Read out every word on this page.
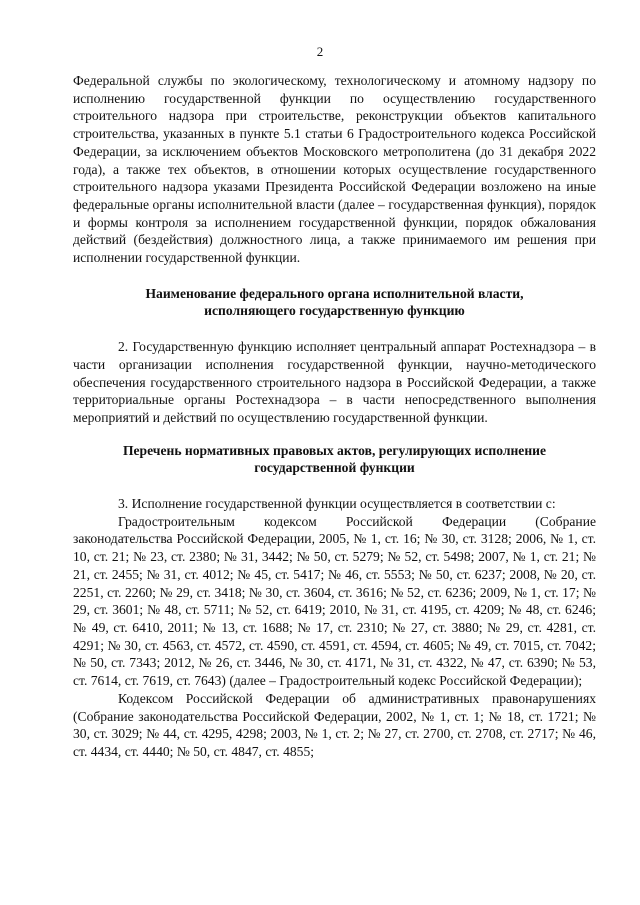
2

Федеральной службы по экологическому, технологическому и атомному надзору по исполнению государственной функции по осуществлению государственного строительного надзора при строительстве, реконструкции объектов капитального строительства, указанных в пункте 5.1 статьи 6 Градостроительного кодекса Российской Федерации, за исключением объектов Московского метрополитена (до 31 декабря 2022 года), а также тех объектов, в отношении которых осуществление государственного строительного надзора указами Президента Российской Федерации возложено на иные федеральные органы исполнительной власти (далее – государственная функция), порядок и формы контроля за исполнением государственной функции, порядок обжалования действий (бездействия) должностного лица, а также принимаемого им решения при исполнении государственной функции.

Наименование федерального органа исполнительной власти,

исполняющего государственную функцию

2. Государственную функцию исполняет центральный аппарат Ростехнадзора – в части организации исполнения государственной функции, научно-методического обеспечения государственного строительного надзора в Российской Федерации, а также территориальные органы Ростехнадзора – в части непосредственного выполнения мероприятий и действий по осуществлению государственной функции.

Перечень нормативных правовых актов, регулирующих исполнение

государственной функции

3. Исполнение государственной функции осуществляется в соответствии с:

Градостроительным кодексом Российской Федерации (Собрание законодательства Российской Федерации, 2005, № 1, ст. 16; № 30, ст. 3128; 2006, № 1, ст. 10, ст. 21; № 23, ст. 2380; № 31, 3442; № 50, ст. 5279; № 52, ст. 5498; 2007, № 1, ст. 21; № 21, ст. 2455; № 31, ст. 4012; № 45, ст. 5417; № 46, ст. 5553; № 50, ст. 6237; 2008, № 20, ст. 2251, ст. 2260; № 29, ст. 3418; № 30, ст. 3604, ст. 3616; № 52, ст. 6236; 2009, № 1, ст. 17; № 29, ст. 3601; № 48, ст. 5711; № 52, ст. 6419; 2010, № 31, ст. 4195, ст. 4209; № 48, ст. 6246; № 49, ст. 6410, 2011; № 13, ст. 1688; № 17, ст. 2310; № 27, ст. 3880; № 29, ст. 4281, ст. 4291; № 30, ст. 4563, ст. 4572, ст. 4590, ст. 4591, ст. 4594, ст. 4605; № 49, ст. 7015, ст. 7042; № 50, ст. 7343; 2012, № 26, ст. 3446, № 30, ст. 4171, № 31, ст. 4322, № 47, ст. 6390; № 53, ст. 7614, ст. 7619, ст. 7643) (далее – Градостроительный кодекс Российской Федерации);

Кодексом Российской Федерации об административных правонарушениях (Собрание законодательства Российской Федерации, 2002, № 1, ст. 1; № 18, ст. 1721; № 30, ст. 3029; № 44, ст. 4295, 4298; 2003, № 1, ст. 2; № 27, ст. 2700, ст. 2708, ст. 2717; № 46, ст. 4434, ст. 4440; № 50, ст. 4847, ст. 4855;
